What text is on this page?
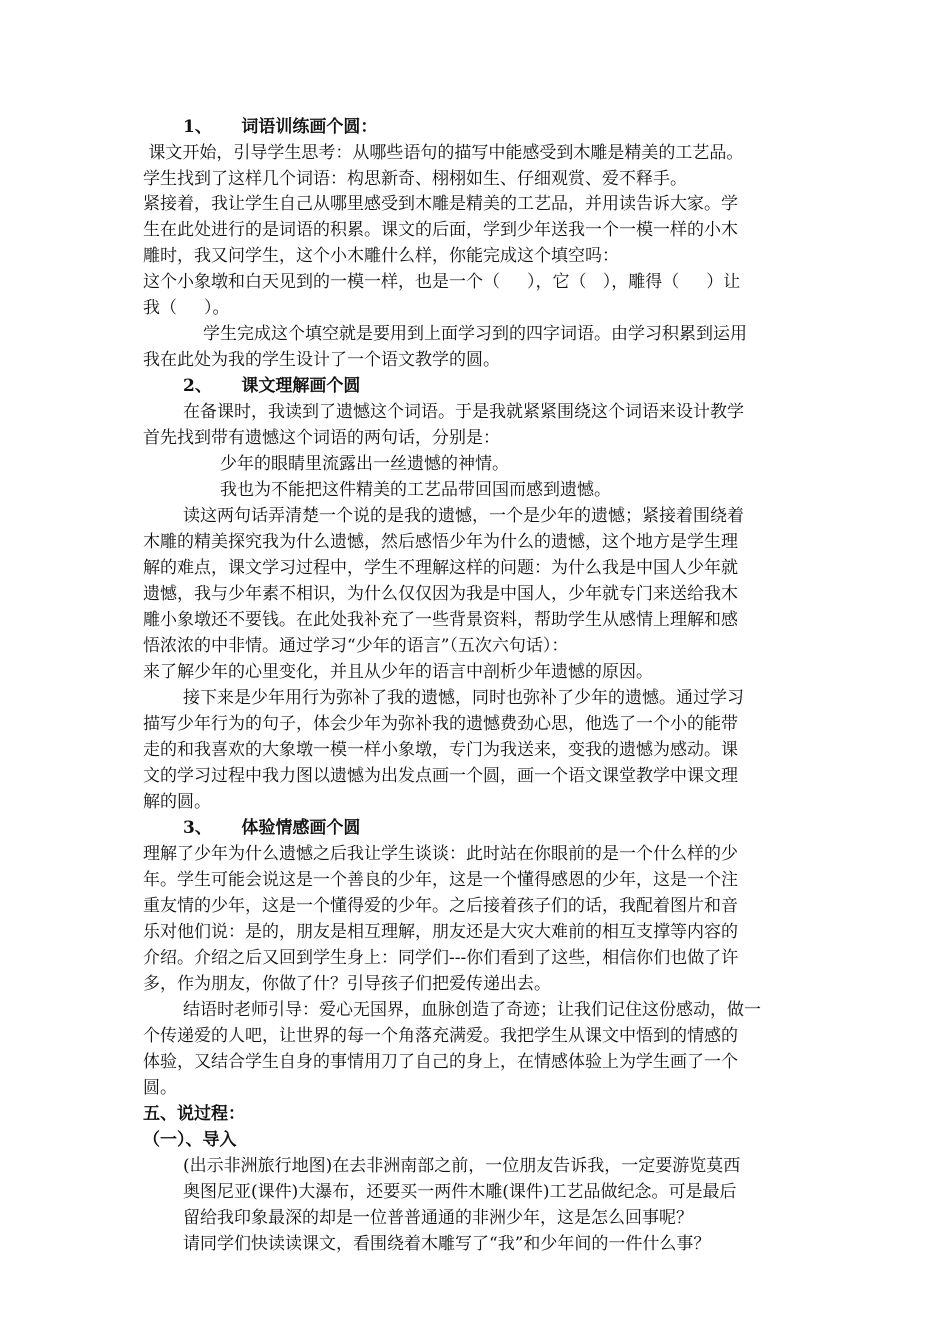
1、     词语训练画个圆：
课文开始，引导学生思考：从哪些语句的描写中能感受到木雕是精美的工艺品。
学生找到了这样几个词语：构思新奇、栩栩如生、仔细观赏、爱不释手。
紧接着，我让学生自己从哪里感受到木雕是精美的工艺品，并用读告诉大家。学
生在此处进行的是词语的积累。课文的后面，学到少年送我一个一模一样的小木
雕时，我又问学生，这个小木雕什么样，你能完成这个填空吗：
这个小象墩和白天见到的一模一样，也是一个（     ），它（   ），雕得（     ）让
我（     ）。
学生完成这个填空就是要用到上面学习到的四字词语。由学习积累到运用
我在此处为我的学生设计了一个语文教学的圆。
2、     课文理解画个圆
在备课时，我读到了遗憾这个词语。于是我就紧紧围绕这个词语来设计教学
首先找到带有遗憾这个词语的两句话，分别是：
少年的眼睛里流露出一丝遗憾的神情。
我也为不能把这件精美的工艺品带回国而感到遗憾。
读这两句话弄清楚一个说的是我的遗憾，一个是少年的遗憾；紧接着围绕着
木雕的精美探究我为什么遗憾，然后感悟少年为什么的遗憾，这个地方是学生理
解的难点，课文学习过程中，学生不理解这样的问题：为什么我是中国人少年就
遗憾，我与少年素不相识，为什么仅仅因为我是中国人，少年就专门来送给我木
雕小象墩还不要钱。在此处我补充了一些背景资料，帮助学生从感情上理解和感
悟浓浓的中非情。通过学习“少年的语言”（五次六句话）：
来了解少年的心里变化，并且从少年的语言中剖析少年遗憾的原因。
接下来是少年用行为弥补了我的遗憾，同时也弥补了少年的遗憾。通过学习
描写少年行为的句子，体会少年为弥补我的遗憾费劲心思，他选了一个小的能带
走的和我喜欢的大象墩一模一样小象墩，专门为我送来，变我的遗憾为感动。课
文的学习过程中我力图以遗憾为出发点画一个圆，画一个语文课堂教学中课文理
解的圆。
3、     体验情感画个圆
理解了少年为什么遗憾之后我让学生谈谈：此时站在你眼前的是一个什么样的少
年。学生可能会说这是一个善良的少年，这是一个懂得感恩的少年，这是一个注
重友情的少年，这是一个懂得爱的少年。之后接着孩子们的话，我配着图片和音
乐对他们说：是的，朋友是相互理解，朋友还是大灾大难前的相互支撑等内容的
介绍。介绍之后又回到学生身上：同学们---你们看到了这些，相信你们也做了许
多，作为朋友，你做了什？引导孩子们把爱传递出去。
结语时老师引导：爱心无国界，血脉创造了奇迹；让我们记住这份感动，做一
个传递爱的人吧，让世界的每一个角落充满爱。我把学生从课文中悟到的情感的
体验，又结合学生自身的事情用刀了自己的身上，在情感体验上为学生画了一个
圆。
五、说过程：
（一）、导入
(出示非洲旅行地图)在去非洲南部之前，一位朋友告诉我，一定要游览莫西
奥图尼亚(课件)大瀑布，还要买一两件木雕(课件)工艺品做纪念。可是最后
留给我印象最深的却是一位普普通通的非洲少年，这是怎么回事呢？
请同学们快读读课文，看围绕着木雕写了“我”和少年间的一件什么事？
